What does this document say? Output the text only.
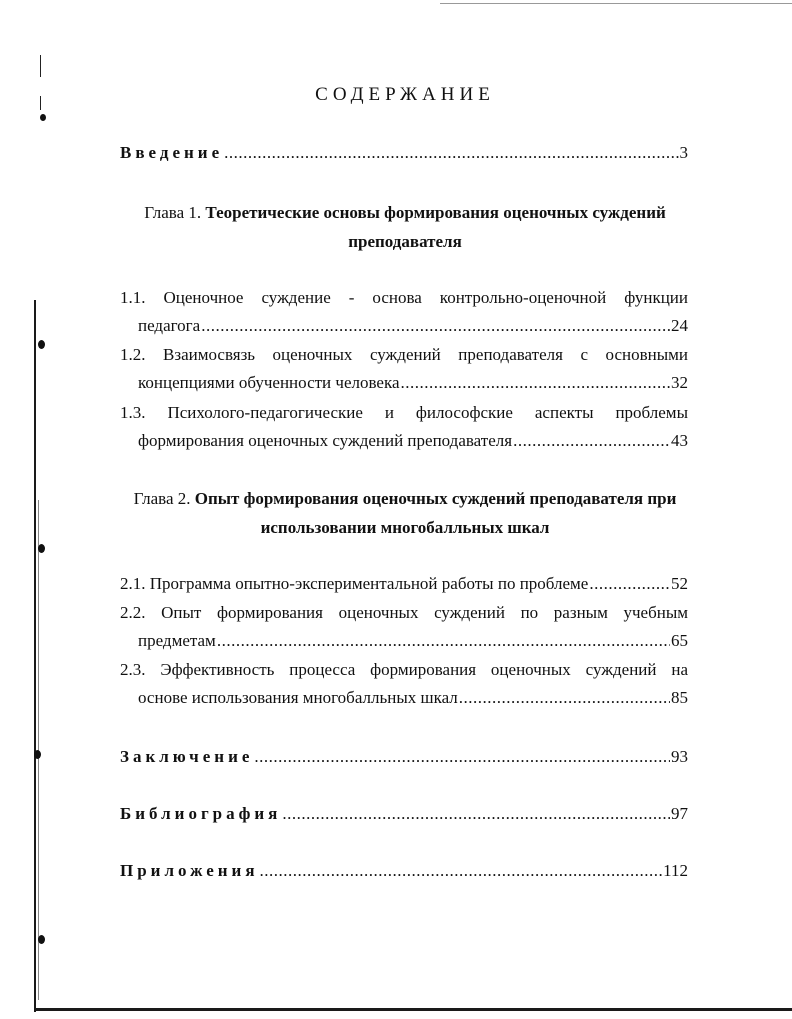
СОДЕРЖАНИЕ
Введение .....	3
Глава 1. Теоретические основы формирования оценочных суждений
преподавателя
1.1. Оценочное суждение - основа контрольно-оценочной функции
педагога .....	24
1.2. Взаимосвязь оценочных суждений преподавателя с основными
концепциями обученности человека .....	32
1.3. Психолого-педагогические и философские аспекты проблемы
формирования оценочных суждений преподавателя .....	43
Глава 2. Опыт формирования оценочных суждений преподавателя при
использовании многобалльных шкал
2.1. Программа опытно-экспериментальной работы по проблеме .....	52
2.2. Опыт формирования оценочных суждений по разным учебным
предметам .....	65
2.3. Эффективность процесса формирования оценочных суждений на
основе использования многобалльных шкал .....	85
Заключение .....	93
Библиография .....	97
Приложения .....	112
